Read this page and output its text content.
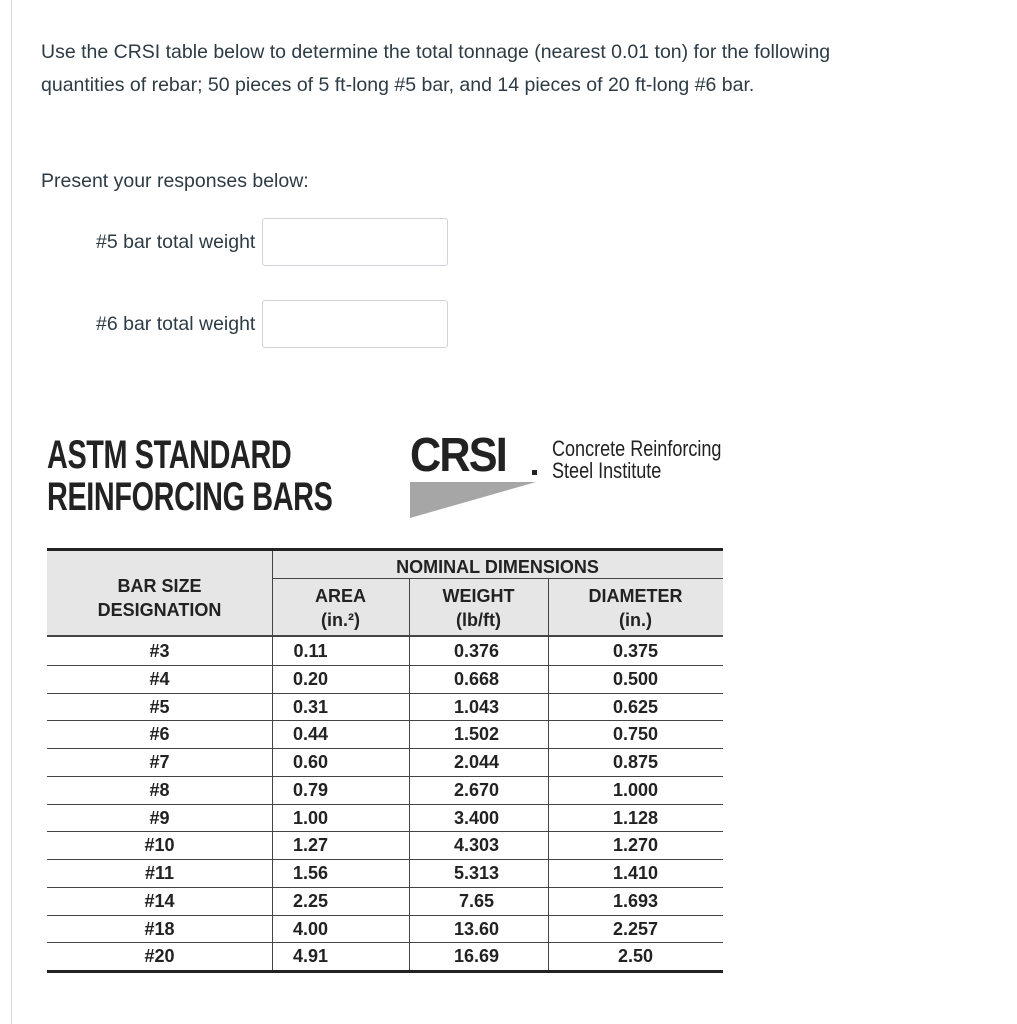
Use the CRSI table below to determine the total tonnage (nearest 0.01 ton) for the following
quantities of rebar; 50 pieces of 5 ft-long #5 bar, and 14 pieces of 20 ft-long #6 bar.
Present your responses below:
#5 bar total weight
#6 bar total weight
ASTM STANDARD
REINFORCING BARS
CRSI Concrete Reinforcing
Steel Institute
NOMINAL DIMENSIONS
BAR SIZE
DESIGNATION
AREA
(in.²)
WEIGHT
(lb/ft)
DIAMETER
(in.)
#3	0.11	0.376	0.375
#4	0.20	0.668	0.500
#5	0.31	1.043	0.625
#6	0.44	1.502	0.750
#7	0.60	2.044	0.875
#8	0.79	2.670	1.000
#9	1.00	3.400	1.128
#10	1.27	4.303	1.270
#11	1.56	5.313	1.410
#14	2.25	7.65	1.693
#18	4.00	13.60	2.257
#20	4.91	16.69	2.50
